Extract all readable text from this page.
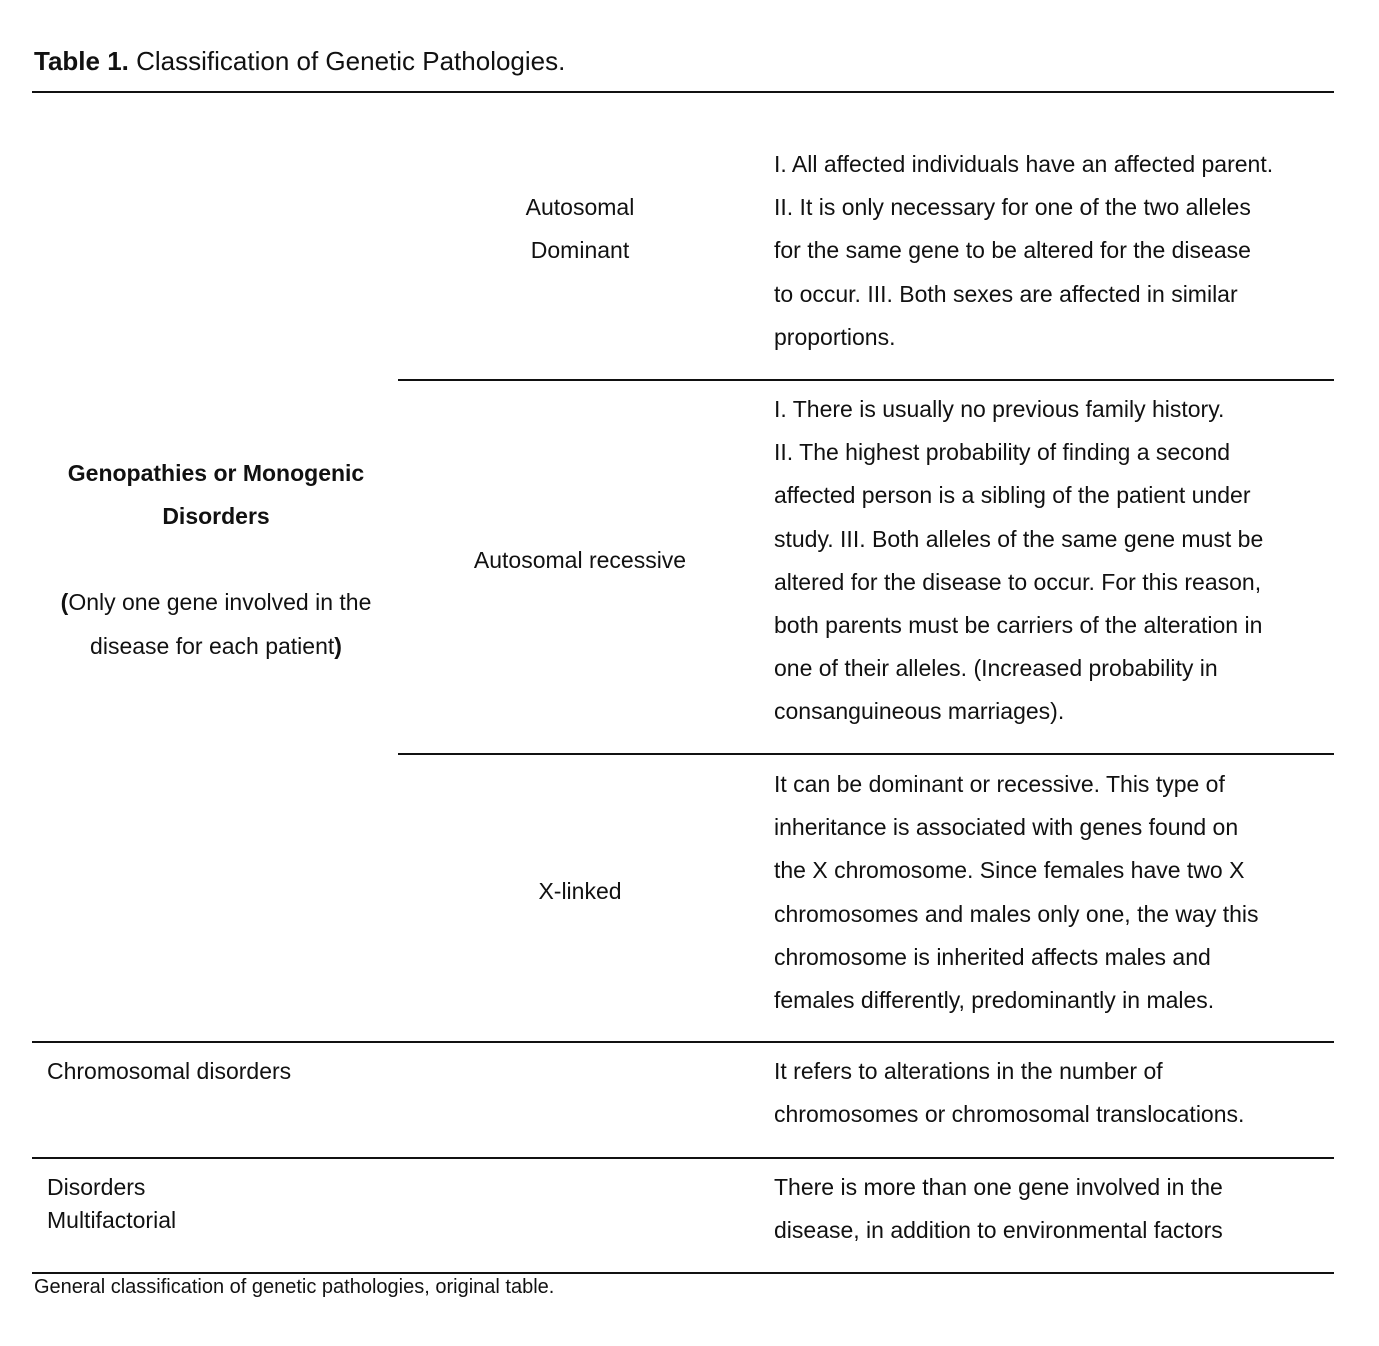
Table 1. Classification of Genetic Pathologies.
Genopathies or Monogenic
Disorders
(Only one gene involved in the
disease for each patient)
Autosomal
Dominant
I. All affected individuals have an affected parent.
II. It is only necessary for one of the two alleles
for the same gene to be altered for the disease
to occur. III. Both sexes are affected in similar
proportions.
Autosomal recessive
I. There is usually no previous family history.
II. The highest probability of finding a second
affected person is a sibling of the patient under
study. III. Both alleles of the same gene must be
altered for the disease to occur. For this reason,
both parents must be carriers of the alteration in
one of their alleles. (Increased probability in
consanguineous marriages).
X-linked
It can be dominant or recessive. This type of
inheritance is associated with genes found on
the X chromosome. Since females have two X
chromosomes and males only one, the way this
chromosome is inherited affects males and
females differently, predominantly in males.
Chromosomal disorders	It refers to alterations in the number of
chromosomes or chromosomal translocations.
Disorders
Multifactorial
There is more than one gene involved in the
disease, in addition to environmental factors
General classification of genetic pathologies, original table.
